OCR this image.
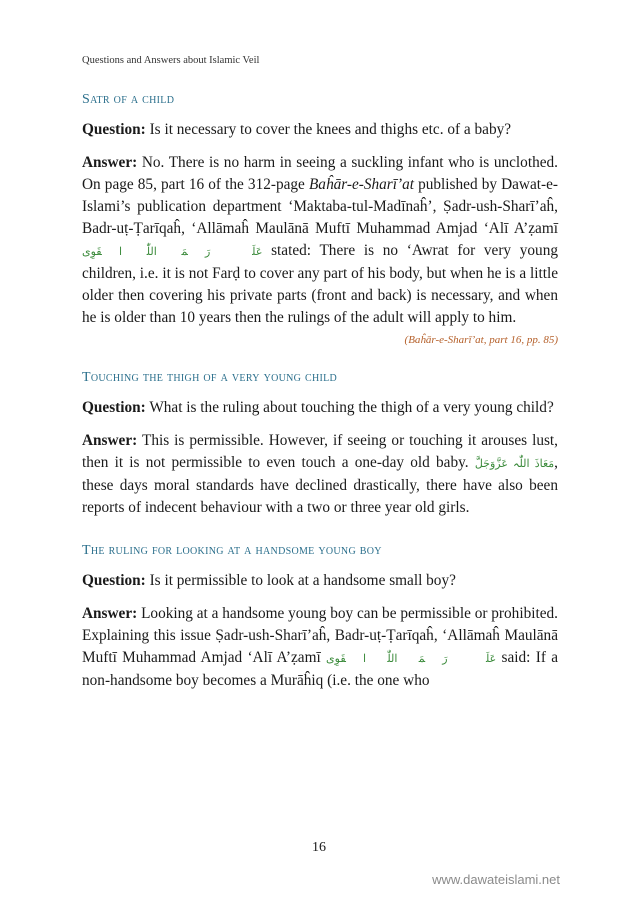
Questions and Answers about Islamic Veil
Satr of a child

Question: Is it necessary to cover the knees and thighs etc. of a baby?

Answer: No. There is no harm in seeing a suckling infant who is unclothed. On page 85, part 16 of the 312-page Baĥār-e-Sharī’at published by Dawat-e-Islami’s publication department ‘Maktaba-tul-Madīnaĥ’, Ṣadr-ush-Sharī’aĥ, Badr-uṭ-Ṭarīqaĥ, ‘Allāmaĥ Maulānā Muftī Muhammad Amjad ‘Alī A’ẓamī عَلَیۡہِ رَحۡمَۃُ اللّٰہِ الۡقَوِی stated: There is no ‘Awrat for very young children, i.e. it is not Farḍ to cover any part of his body, but when he is a little older then covering his private parts (front and back) is necessary, and when he is older than 10 years then the rulings of the adult will apply to him.

(Baĥār-e-Sharī’at, part 16, pp. 85)
Touching the thigh of a very young child

Question: What is the ruling about touching the thigh of a very young child?

Answer: This is permissible. However, if seeing or touching it arouses lust, then it is not permissible to even touch a one-day old baby. مَعَاذَ اللّٰہ عَزَّوَجَلَّ, these days moral standards have declined drastically, there have also been reports of indecent behaviour with a two or three year old girls.

The ruling for looking at a handsome young boy

Question: Is it permissible to look at a handsome small boy?

Answer: Looking at a handsome young boy can be permissible or prohibited. Explaining this issue Ṣadr-ush-Sharī’aĥ, Badr-uṭ-Ṭarīqaĥ, ‘Allāmaĥ Maulānā Muftī Muhammad Amjad ‘Alī A’ẓamī عَلَیۡہِ رَحۡمَۃُ اللّٰہِ الۡقَوِی said: If a non-handsome boy becomes a Murāĥiq (i.e. the one who

16
www.dawateislami.net
